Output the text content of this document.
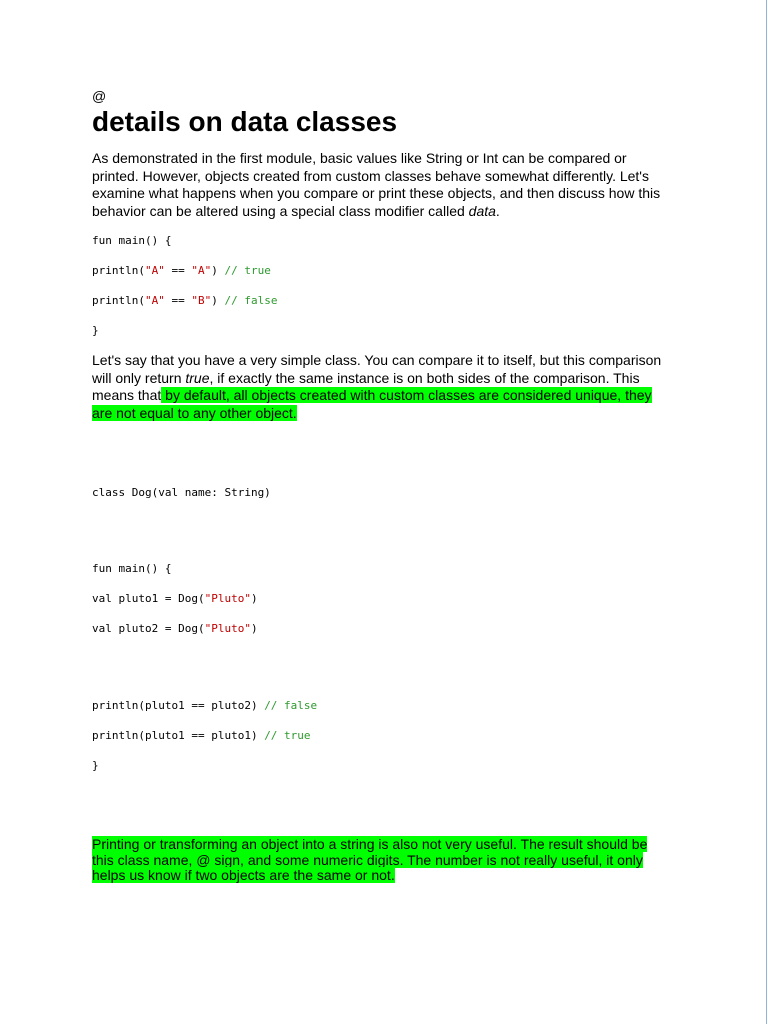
@
details on data classes

As demonstrated in the first module, basic values like String or Int can be compared or printed. However, objects created from custom classes behave somewhat differently. Let's examine what happens when you compare or print these objects, and then discuss how this behavior can be altered using a special class modifier called data.

fun main() {
println("A" == "A") // true
println("A" == "B") // false
}

Let's say that you have a very simple class. You can compare it to itself, but this comparison will only return true, if exactly the same instance is on both sides of the comparison. This means that by default, all objects created with custom classes are considered unique, they are not equal to any other object.

class Dog(val name: String)
fun main() {
val pluto1 = Dog("Pluto")
val pluto2 = Dog("Pluto")
println(pluto1 == pluto2) // false
println(pluto1 == pluto1) // true
}

Printing or transforming an object into a string is also not very useful. The result should be this class name, @ sign, and some numeric digits. The number is not really useful, it only helps us know if two objects are the same or not.
